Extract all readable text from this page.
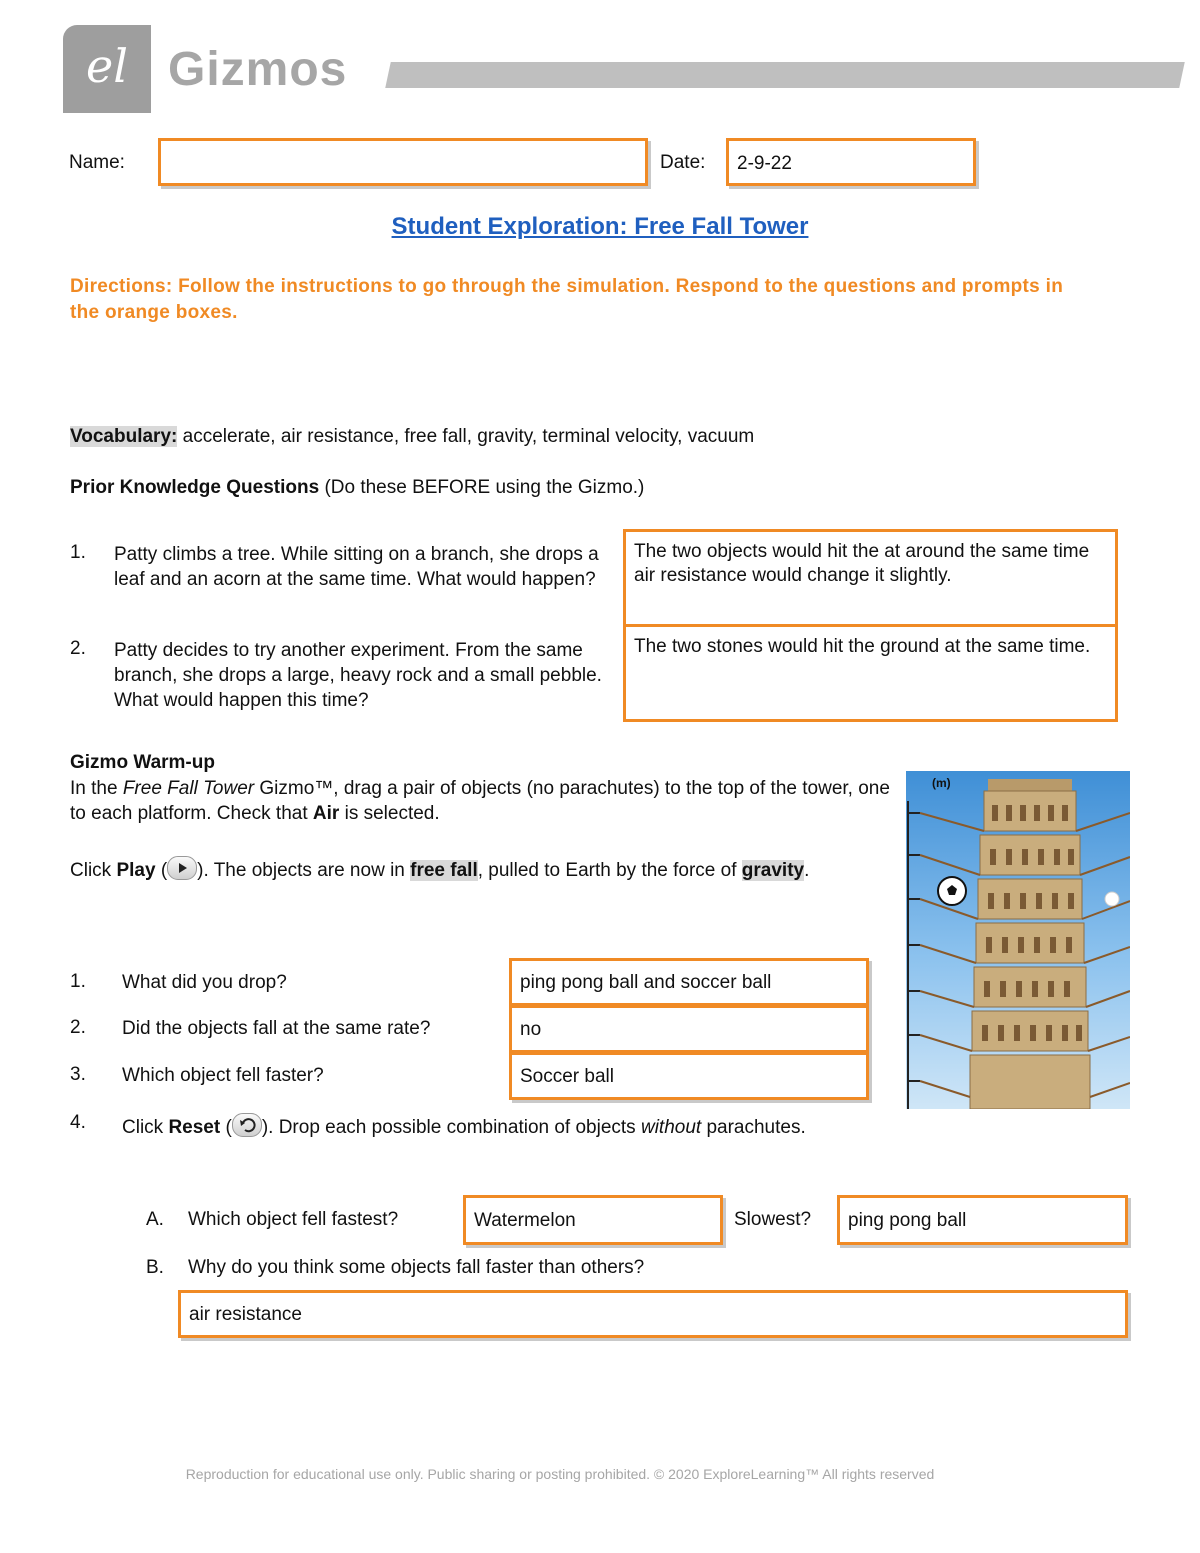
el Gizmos
Name:	Date:	2-9-22
Student Exploration: Free Fall Tower
Directions: Follow the instructions to go through the simulation. Respond to the questions and prompts in the orange boxes.
Vocabulary: accelerate, air resistance, free fall, gravity, terminal velocity, vacuum
Prior Knowledge Questions (Do these BEFORE using the Gizmo.)
1. Patty climbs a tree. While sitting on a branch, she drops a leaf and an acorn at the same time. What would happen?
The two objects would hit the at around the same time air resistance would change it slightly.
2. Patty decides to try another experiment. From the same branch, she drops a large, heavy rock and a small pebble. What would happen this time?
The two stones would hit the ground at the same time.
Gizmo Warm-up
In the Free Fall Tower Gizmo™, drag a pair of objects (no parachutes) to the top of the tower, one to each platform. Check that Air is selected.
Click Play ( ). The objects are now in free fall, pulled to Earth by the force of gravity.
(m)
1. What did you drop?	ping pong ball and soccer ball
2. Did the objects fall at the same rate?	no
3. Which object fell faster?	Soccer ball
4. Click Reset ( ). Drop each possible combination of objects without parachutes.
A. Which object fell fastest?	Watermelon	Slowest?	ping pong ball
B. Why do you think some objects fall faster than others?
air resistance
Reproduction for educational use only. Public sharing or posting prohibited. © 2020 ExploreLearning™ All rights reserved
